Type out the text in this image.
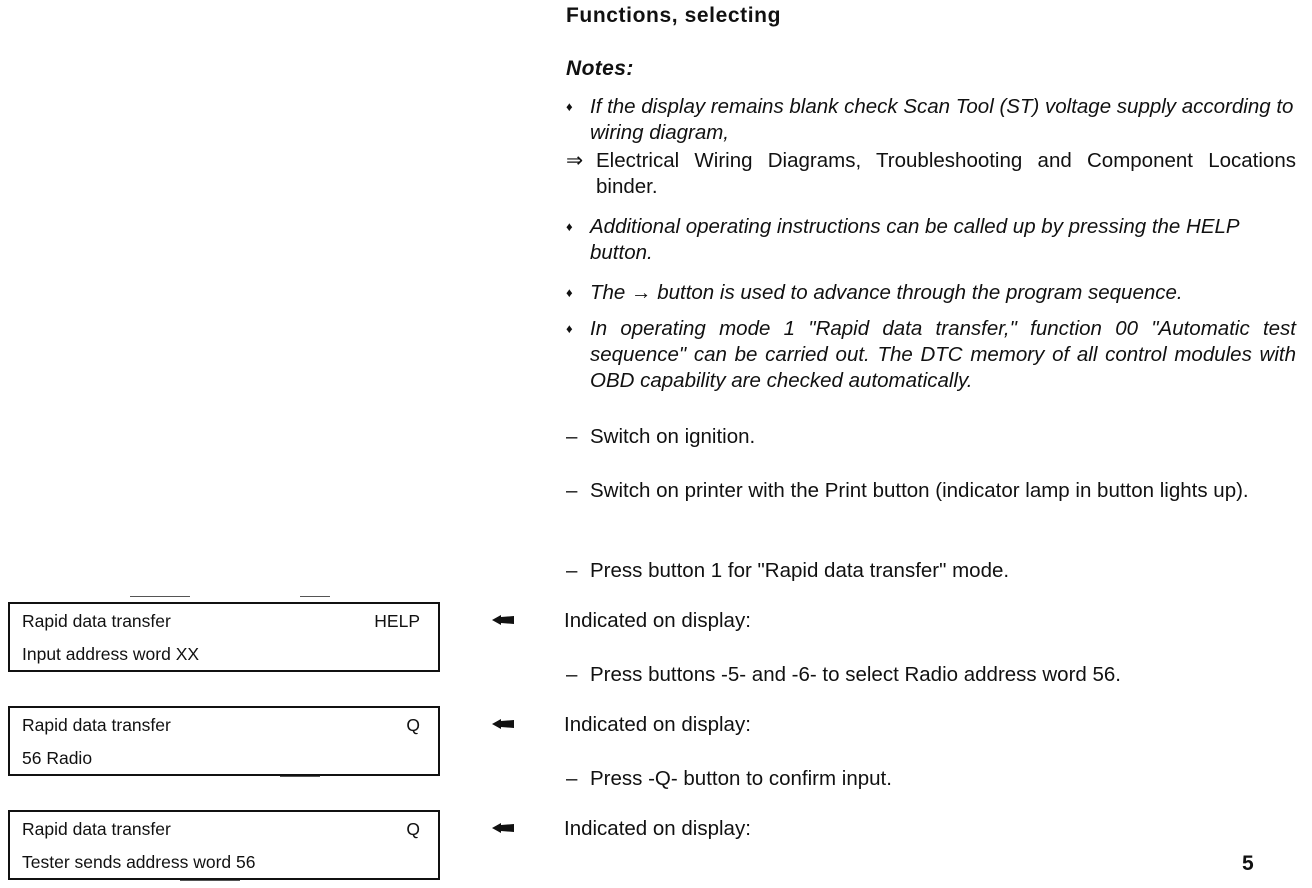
Functions, selecting
Notes:
♦ If the display remains blank check Scan Tool (ST) voltage supply according to wiring diagram,
⇒ Electrical Wiring Diagrams, Troubleshooting and Component Locations binder.
♦ Additional operating instructions can be called up by pressing the HELP button.
♦ The → button is used to advance through the program sequence.
♦ In operating mode 1 "Rapid data transfer," function 00 "Automatic test sequence" can be carried out. The DTC memory of all control modules with OBD capability are checked automatically.
– Switch on ignition.
– Switch on printer with the Print button (indicator lamp in button lights up).
– Press button 1 for "Rapid data transfer" mode.
– Press buttons -5- and -6- to select Radio address word 56.
– Press -Q- button to confirm input.
Rapid data transfer	HELP
Input address word XX
Indicated on display:
Rapid data transfer	Q
56 Radio
Indicated on display:
Rapid data transfer	Q
Tester sends address word 56
Indicated on display:
5
